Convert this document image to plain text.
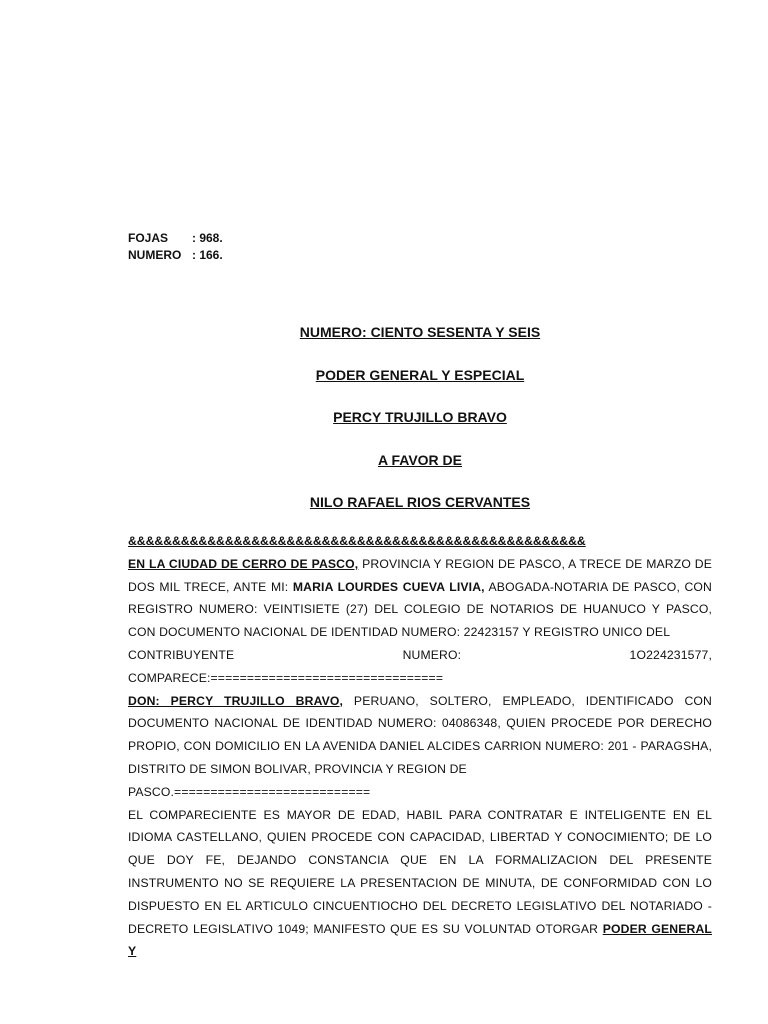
FOJAS	: 968.
NUMERO : 166.
NUMERO: CIENTO SESENTA Y SEIS
PODER GENERAL Y ESPECIAL
PERCY TRUJILLO BRAVO
A FAVOR DE
NILO RAFAEL RIOS CERVANTES
&&&&&&&&&&&&&&&&&&&&&&&&&&&&&&&&&&&&&&&&&&&&&&&&&&&&

EN LA CIUDAD DE CERRO DE PASCO, PROVINCIA Y REGION DE PASCO, A TRECE DE MARZO DE DOS MIL TRECE, ANTE MI: MARIA LOURDES CUEVA LIVIA, ABOGADA-NOTARIA DE PASCO, CON REGISTRO NUMERO: VEINTISIETE (27) DEL COLEGIO DE NOTARIOS DE HUANUCO Y PASCO, CON DOCUMENTO NACIONAL DE IDENTIDAD NUMERO: 22423157 Y REGISTRO UNICO DEL

CONTRIBUYENTE	NUMERO:	1O224231577,
COMPARECE:================================

DON: PERCY TRUJILLO BRAVO, PERUANO, SOLTERO, EMPLEADO, IDENTIFICADO CON DOCUMENTO NACIONAL DE IDENTIDAD NUMERO: 04086348, QUIEN PROCEDE POR DERECHO PROPIO, CON DOMICILIO EN LA AVENIDA DANIEL ALCIDES CARRION NUMERO: 201 - PARAGSHA, DISTRITO DE SIMON BOLIVAR, PROVINCIA Y REGION DE

PASCO.===========================

EL COMPARECIENTE ES MAYOR DE EDAD, HABIL PARA CONTRATAR E INTELIGENTE EN EL IDIOMA CASTELLANO, QUIEN PROCEDE CON CAPACIDAD, LIBERTAD Y CONOCIMIENTO; DE LO QUE DOY FE, DEJANDO CONSTANCIA QUE EN LA FORMALIZACION DEL PRESENTE INSTRUMENTO NO SE REQUIERE LA PRESENTACION DE MINUTA, DE CONFORMIDAD CON LO DISPUESTO EN EL ARTICULO CINCUENTIOCHO DEL DECRETO LEGISLATIVO DEL NOTARIADO - DECRETO LEGISLATIVO 1049; MANIFESTO QUE ES SU VOLUNTAD OTORGAR PODER GENERAL Y
